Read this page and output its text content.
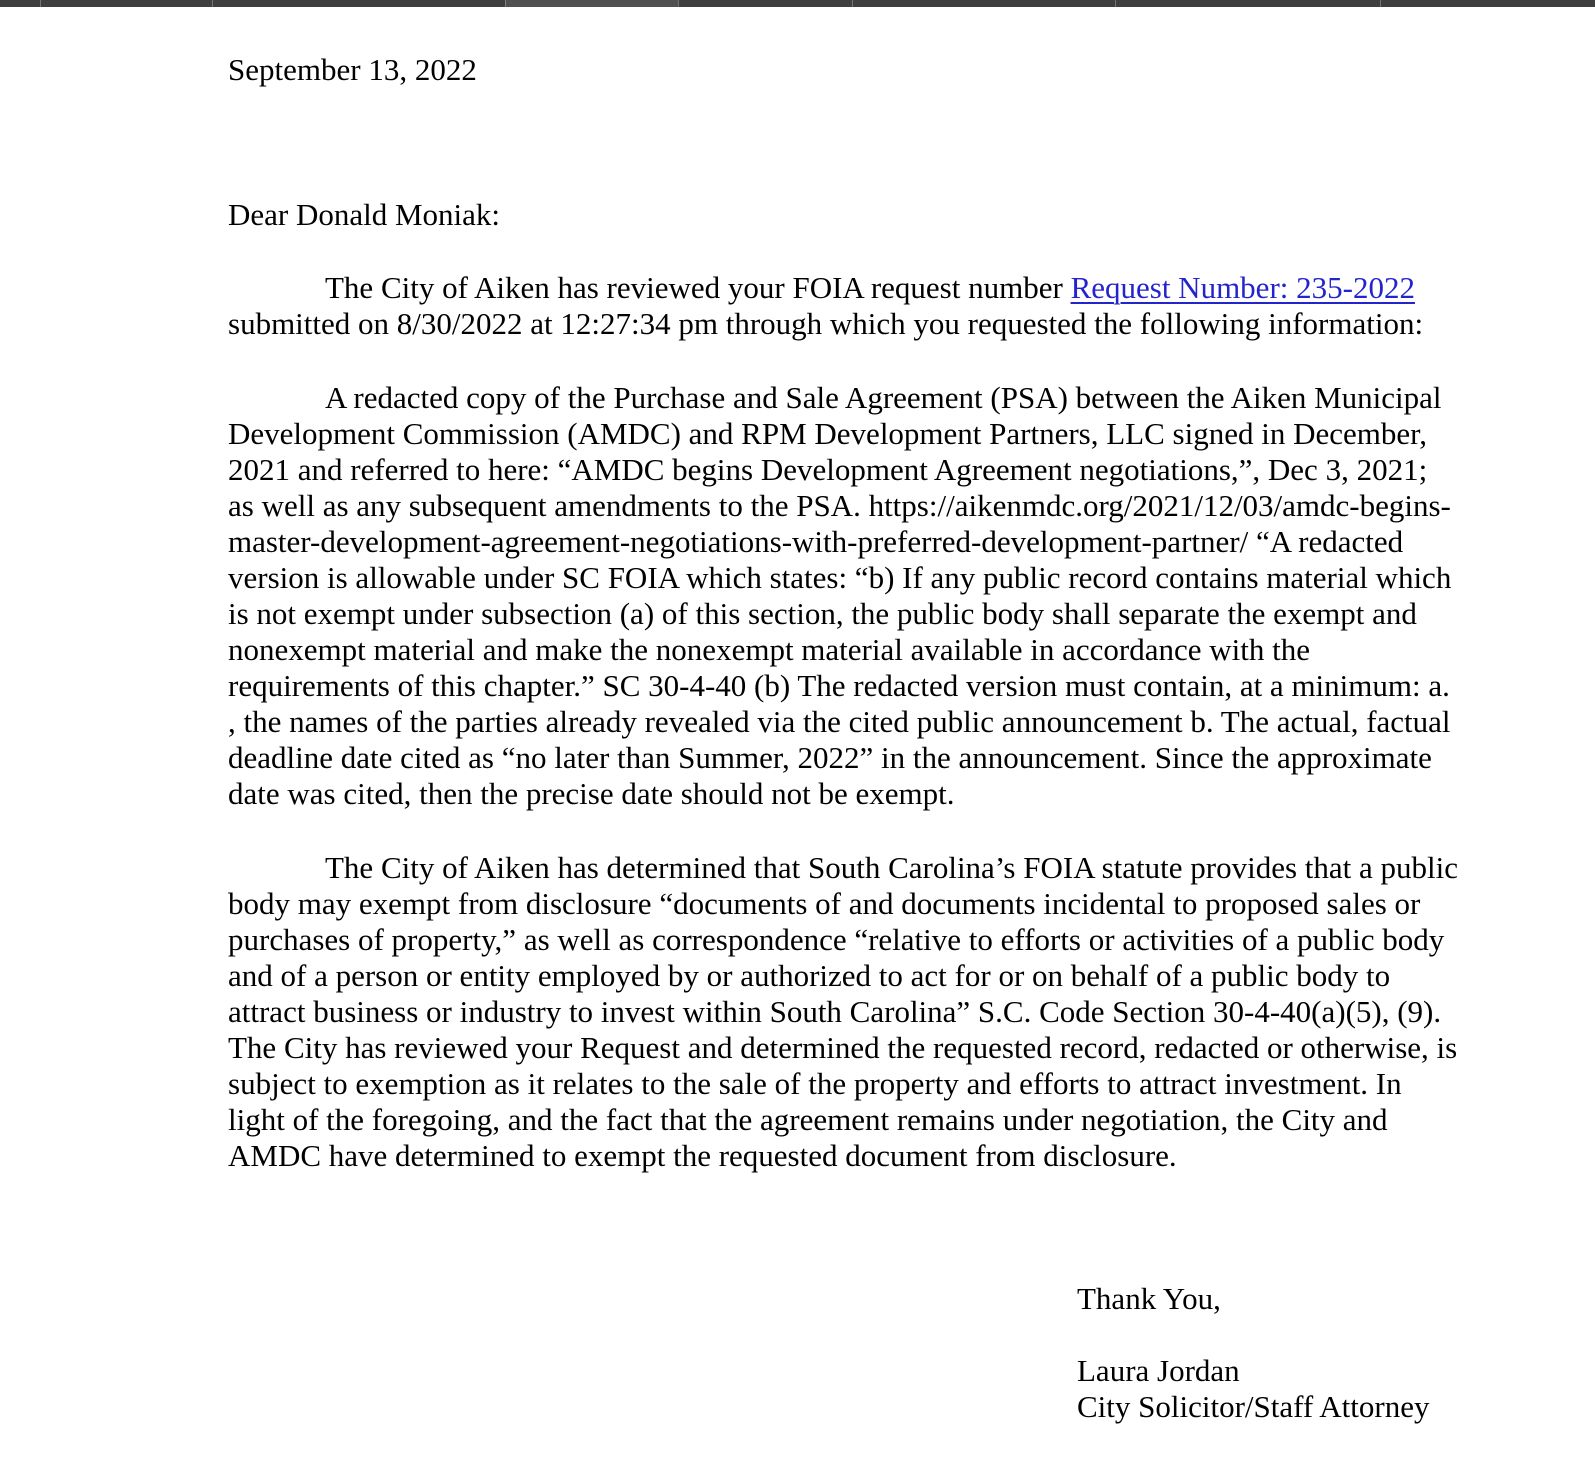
September 13, 2022
Dear Donald Moniak:
The City of Aiken has reviewed your FOIA request number Request Number: 235-2022
submitted on 8/30/2022 at 12:27:34 pm through which you requested the following information:
A redacted copy of the Purchase and Sale Agreement (PSA) between the Aiken Municipal
Development Commission (AMDC) and RPM Development Partners, LLC signed in December,
2021 and referred to here: “AMDC begins Development Agreement negotiations,”, Dec 3, 2021;
as well as any subsequent amendments to the PSA. https://aikenmdc.org/2021/12/03/amdc-begins-
master-development-agreement-negotiations-with-preferred-development-partner/ “A redacted
version is allowable under SC FOIA which states: “b) If any public record contains material which
is not exempt under subsection (a) of this section, the public body shall separate the exempt and
nonexempt material and make the nonexempt material available in accordance with the
requirements of this chapter.” SC 30-4-40 (b) The redacted version must contain, at a minimum: a.
, the names of the parties already revealed via the cited public announcement b. The actual, factual
deadline date cited as “no later than Summer, 2022” in the announcement. Since the approximate
date was cited, then the precise date should not be exempt.
The City of Aiken has determined that South Carolina’s FOIA statute provides that a public
body may exempt from disclosure “documents of and documents incidental to proposed sales or
purchases of property,” as well as correspondence “relative to efforts or activities of a public body
and of a person or entity employed by or authorized to act for or on behalf of a public body to
attract business or industry to invest within South Carolina” S.C. Code Section 30-4-40(a)(5), (9).
The City has reviewed your Request and determined the requested record, redacted or otherwise, is
subject to exemption as it relates to the sale of the property and efforts to attract investment. In
light of the foregoing, and the fact that the agreement remains under negotiation, the City and
AMDC have determined to exempt the requested document from disclosure.
Thank You,
Laura Jordan
City Solicitor/Staff Attorney
